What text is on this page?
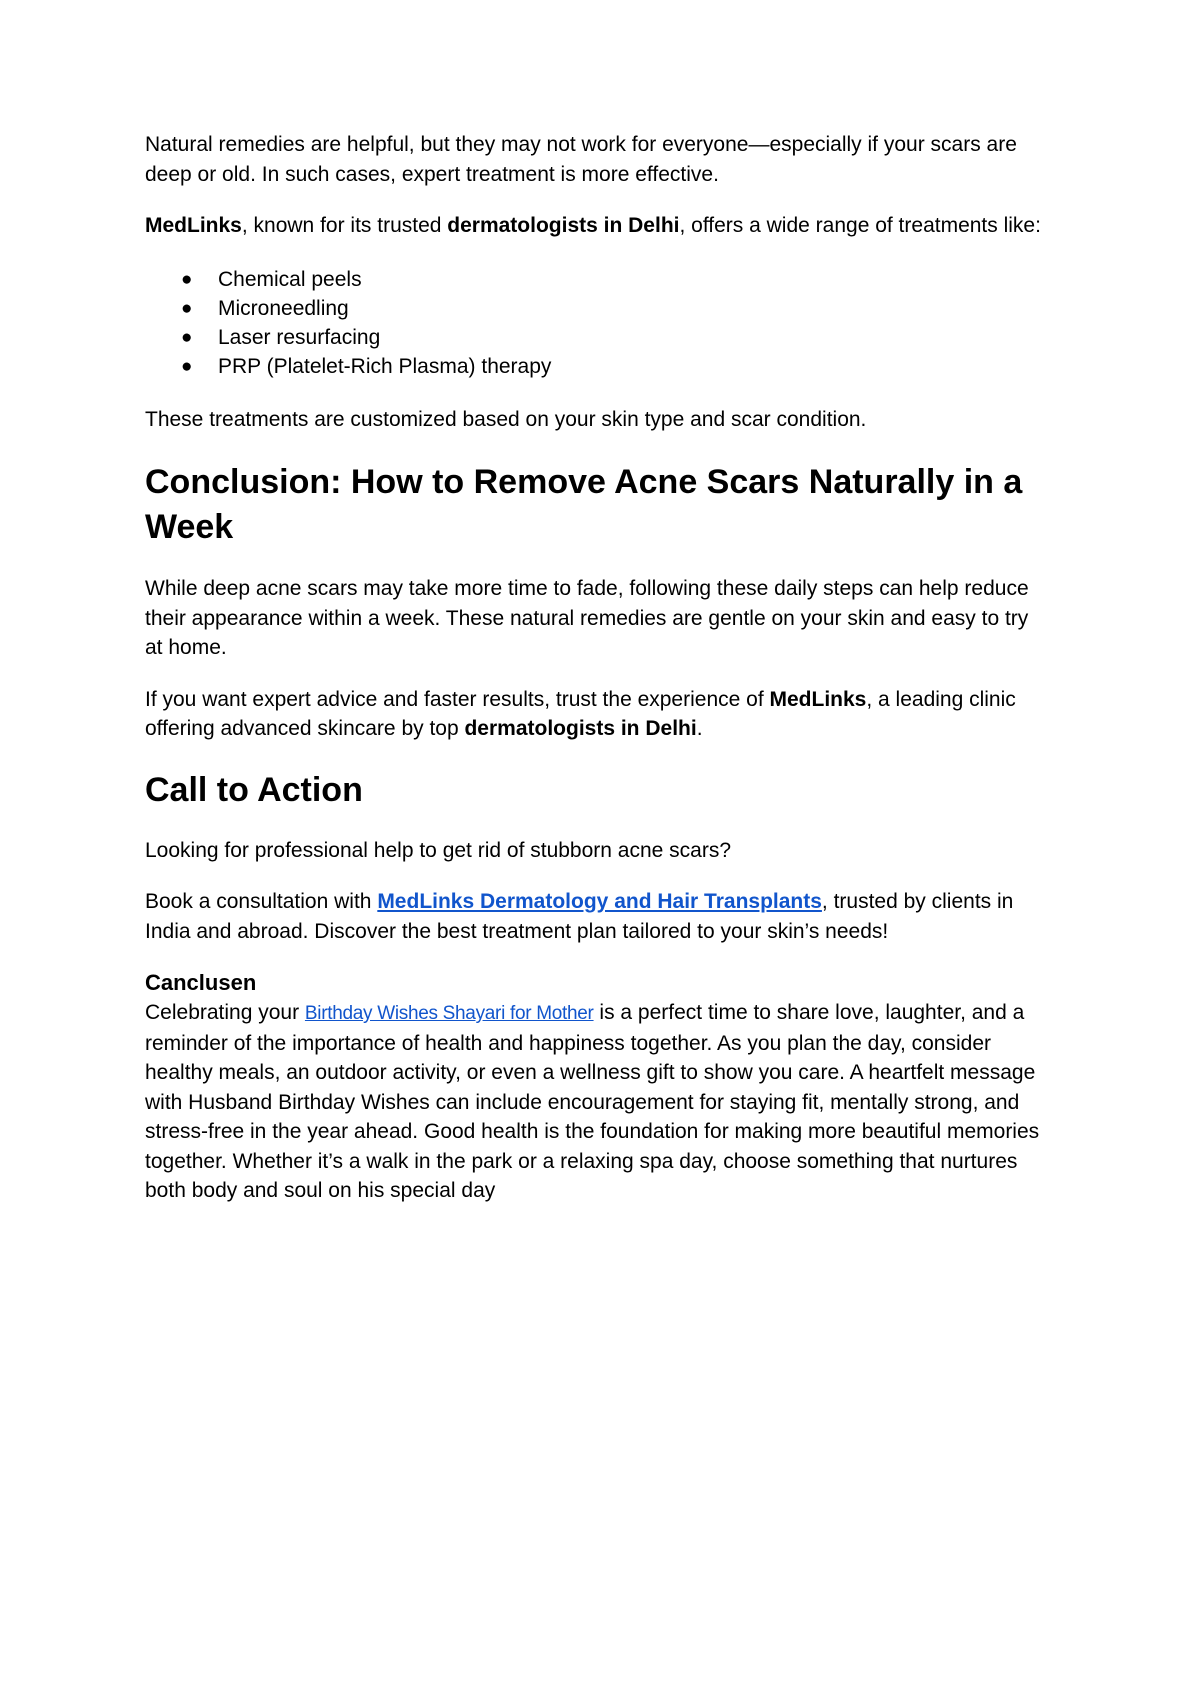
Natural remedies are helpful, but they may not work for everyone—especially if your scars are deep or old. In such cases, expert treatment is more effective.

MedLinks, known for its trusted dermatologists in Delhi, offers a wide range of treatments like:

● Chemical peels
● Microneedling
● Laser resurfacing
● PRP (Platelet-Rich Plasma) therapy

These treatments are customized based on your skin type and scar condition.

Conclusion: How to Remove Acne Scars Naturally in a Week

While deep acne scars may take more time to fade, following these daily steps can help reduce their appearance within a week. These natural remedies are gentle on your skin and easy to try at home.

If you want expert advice and faster results, trust the experience of MedLinks, a leading clinic offering advanced skincare by top dermatologists in Delhi.

Call to Action

Looking for professional help to get rid of stubborn acne scars?

Book a consultation with MedLinks Dermatology and Hair Transplants, trusted by clients in India and abroad. Discover the best treatment plan tailored to your skin’s needs!

Canclusen

Celebrating your Birthday Wishes Shayari for Mother is a perfect time to share love, laughter, and a reminder of the importance of health and happiness together. As you plan the day, consider healthy meals, an outdoor activity, or even a wellness gift to show you care. A heartfelt message with Husband Birthday Wishes can include encouragement for staying fit, mentally strong, and stress-free in the year ahead. Good health is the foundation for making more beautiful memories together. Whether it’s a walk in the park or a relaxing spa day, choose something that nurtures both body and soul on his special day
